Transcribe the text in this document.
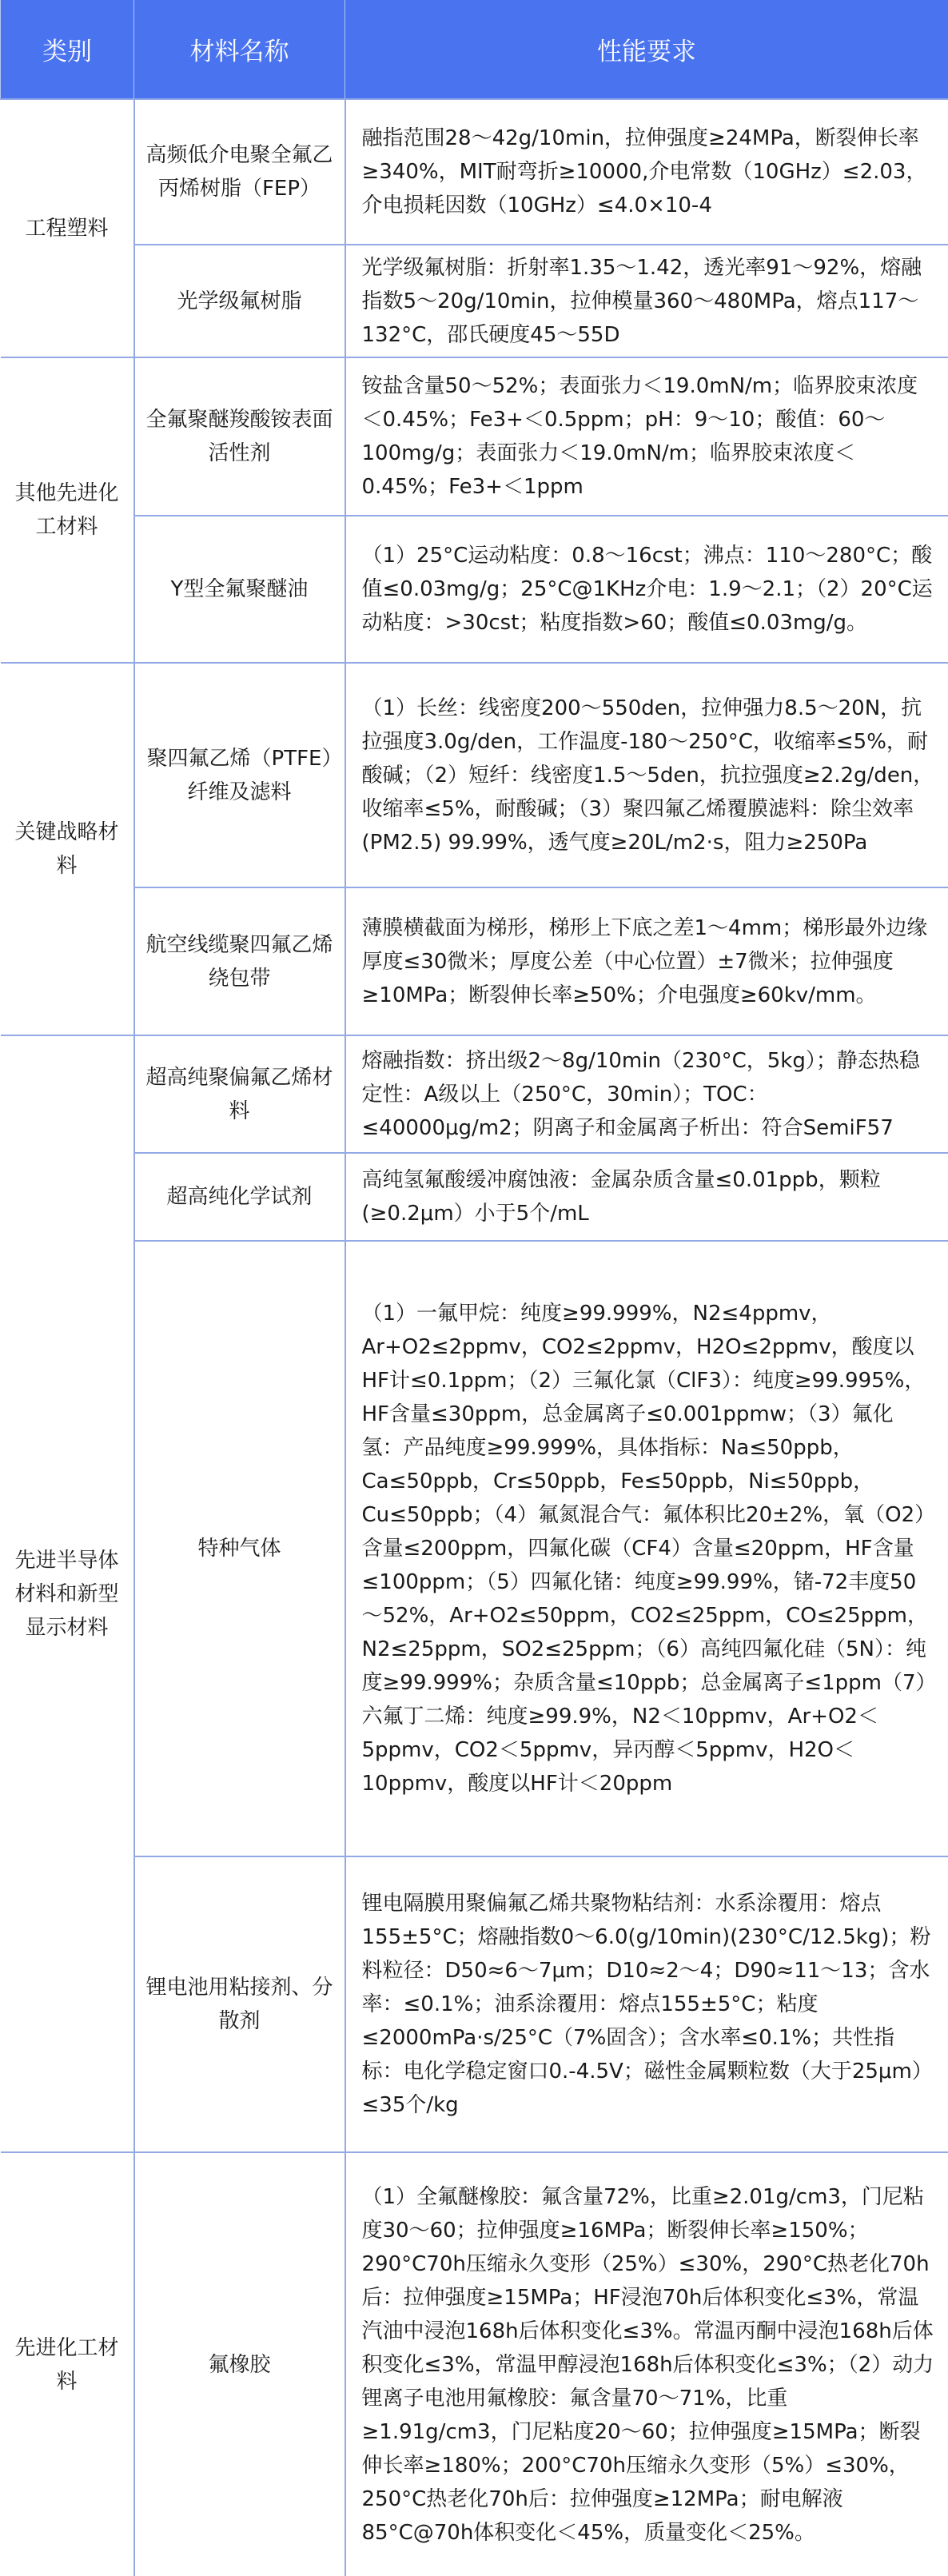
类别	材料名称	性能要求
工程塑料	高频低介电聚全氟乙丙烯树脂（FEP）	融指范围28～42g/10min，拉伸强度≥24MPa，断裂伸长率≥340%，MIT耐弯折≥10000,介电常数（10GHz）≤2.03，介电损耗因数（10GHz）≤4.0×10-4
	光学级氟树脂	光学级氟树脂：折射率1.35～1.42，透光率91～92%，熔融指数5～20g/10min，拉伸模量360～480MPa，熔点117～132°C，邵氏硬度45～55D
其他先进化工材料	全氟聚醚羧酸铵表面活性剂	铵盐含量50～52%；表面张力＜19.0mN/m；临界胶束浓度＜0.45%；Fe3+＜0.5ppm；pH：9～10；酸值：60～100mg/g；表面张力＜19.0mN/m；临界胶束浓度＜0.45%；Fe3+＜1ppm
	Y型全氟聚醚油	（1）25°C运动粘度：0.8～16cst；沸点：110～280°C；酸值≤0.03mg/g；25°C@1KHz介电：1.9～2.1；（2）20°C运动粘度：>30cst；粘度指数>60；酸值≤0.03mg/g。
关键战略材料	聚四氟乙烯（PTFE）纤维及滤料	（1）长丝：线密度200～550den，拉伸强力8.5～20N，抗拉强度3.0g/den，工作温度-180～250°C，收缩率≤5%，耐酸碱；（2）短纤：线密度1.5～5den，抗拉强度≥2.2g/den，收缩率≤5%，耐酸碱；（3）聚四氟乙烯覆膜滤料：除尘效率(PM2.5) 99.99%，透气度≥20L/m2·s，阻力≥250Pa
	航空线缆聚四氟乙烯绕包带	薄膜横截面为梯形，梯形上下底之差1～4mm；梯形最外边缘厚度≤30微米；厚度公差（中心位置）±7微米；拉伸强度≥10MPa；断裂伸长率≥50%；介电强度≥60kv/mm。
先进半导体材料和新型显示材料	超高纯聚偏氟乙烯材料	熔融指数：挤出级2～8g/10min（230°C，5kg）；静态热稳定性：A级以上（250°C，30min）；TOC：≤40000μg/m2；阴离子和金属离子析出：符合SemiF57
	超高纯化学试剂	高纯氢氟酸缓冲腐蚀液：金属杂质含量≤0.01ppb，颗粒(≥0.2μm）小于5个/mL
	特种气体	（1）一氟甲烷：纯度≥99.999%，N2≤4ppmv，Ar+O2≤2ppmv，CO2≤2ppmv，H2O≤2ppmv，酸度以HF计≤0.1ppm；（2）三氟化氯（ClF3）：纯度≥99.995%，HF含量≤30ppm，总金属离子≤0.001ppmw；（3）氟化氢：产品纯度≥99.999%，具体指标：Na≤50ppb，Ca≤50ppb，Cr≤50ppb，Fe≤50ppb，Ni≤50ppb，Cu≤50ppb；（4）氟氮混合气：氟体积比20±2%，氧（O2）含量≤200ppm，四氟化碳（CF4）含量≤20ppm，HF含量≤100ppm；（5）四氟化锗：纯度≥99.99%，锗-72丰度50～52%，Ar+O2≤50ppm，CO2≤25ppm，CO≤25ppm，N2≤25ppm，SO2≤25ppm；（6）高纯四氟化硅（5N）：纯度≥99.999%；杂质含量≤10ppb；总金属离子≤1ppm（7）六氟丁二烯：纯度≥99.9%，N2＜10ppmv，Ar+O2＜5ppmv，CO2＜5ppmv，异丙醇＜5ppmv，H2O＜10ppmv，酸度以HF计＜20ppm
	锂电池用粘接剂、分散剂	锂电隔膜用聚偏氟乙烯共聚物粘结剂：水系涂覆用：熔点155±5°C；熔融指数0～6.0(g/10min)(230°C/12.5kg)；粉料粒径：D50≈6～7μm；D10≈2～4；D90≈11～13；含水率：≤0.1%；油系涂覆用：熔点155±5°C；粘度≤2000mPa·s/25°C（7%固含）；含水率≤0.1%；共性指标：电化学稳定窗口0.-4.5V；磁性金属颗粒数（大于25μm）≤35个/kg
先进化工材料	氟橡胶	（1）全氟醚橡胶：氟含量72%，比重≥2.01g/cm3，门尼粘度30～60；拉伸强度≥16MPa；断裂伸长率≥150%；290°C70h压缩永久变形（25%）≤30%，290°C热老化70h后：拉伸强度≥15MPa；HF浸泡70h后体积变化≤3%，常温汽油中浸泡168h后体积变化≤3%。常温丙酮中浸泡168h后体积变化≤3%，常温甲醇浸泡168h后体积变化≤3%；（2）动力锂离子电池用氟橡胶：氟含量70～71%，比重≥1.91g/cm3，门尼粘度20～60；拉伸强度≥15MPa；断裂伸长率≥180%；200°C70h压缩永久变形（5%）≤30%，250°C热老化70h后：拉伸强度≥12MPa；耐电解液85°C@70h体积变化＜45%，质量变化＜25%。
